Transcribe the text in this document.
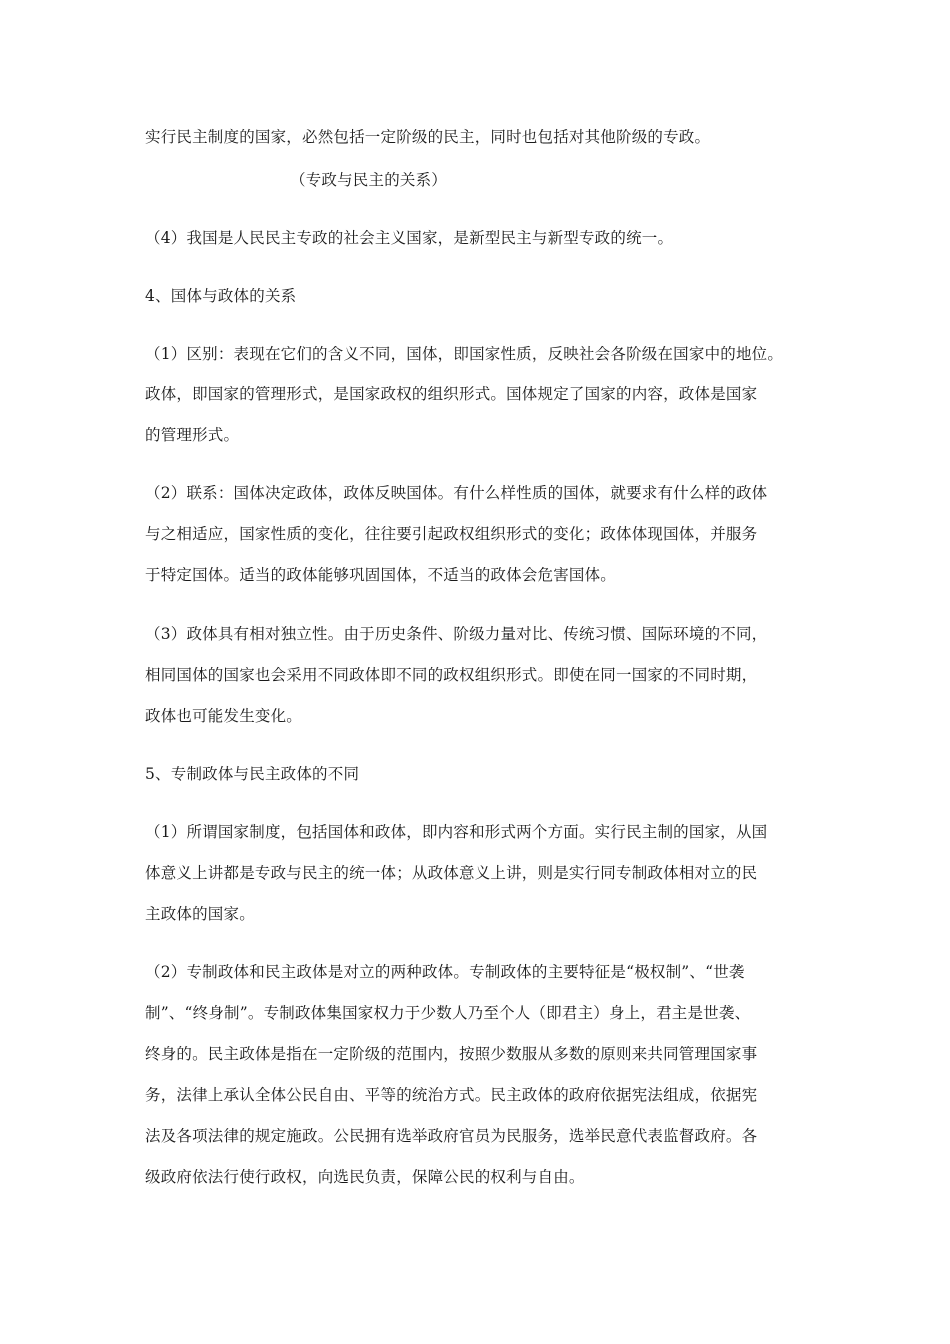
实行民主制度的国家，必然包括一定阶级的民主，同时也包括对其他阶级的专政。
（专政与民主的关系）
（4）我国是人民民主专政的社会主义国家，是新型民主与新型专政的统一。
4、国体与政体的关系
（1）区别：表现在它们的含义不同，国体，即国家性质，反映社会各阶级在国家中的地位。
政体，即国家的管理形式，是国家政权的组织形式。国体规定了国家的内容，政体是国家
的管理形式。
（2）联系：国体决定政体，政体反映国体。有什么样性质的国体，就要求有什么样的政体
与之相适应，国家性质的变化，往往要引起政权组织形式的变化；政体体现国体，并服务
于特定国体。适当的政体能够巩固国体，不适当的政体会危害国体。
（3）政体具有相对独立性。由于历史条件、阶级力量对比、传统习惯、国际环境的不同，
相同国体的国家也会采用不同政体即不同的政权组织形式。即使在同一国家的不同时期，
政体也可能发生变化。
5、专制政体与民主政体的不同
（1）所谓国家制度，包括国体和政体，即内容和形式两个方面。实行民主制的国家，从国
体意义上讲都是专政与民主的统一体；从政体意义上讲，则是实行同专制政体相对立的民
主政体的国家。
（2）专制政体和民主政体是对立的两种政体。专制政体的主要特征是“极权制”、“世袭
制”、“终身制”。专制政体集国家权力于少数人乃至个人（即君主）身上，君主是世袭、
终身的。民主政体是指在一定阶级的范围内，按照少数服从多数的原则来共同管理国家事
务，法律上承认全体公民自由、平等的统治方式。民主政体的政府依据宪法组成，依据宪
法及各项法律的规定施政。公民拥有选举政府官员为民服务，选举民意代表监督政府。各
级政府依法行使行政权，向选民负责，保障公民的权利与自由。
